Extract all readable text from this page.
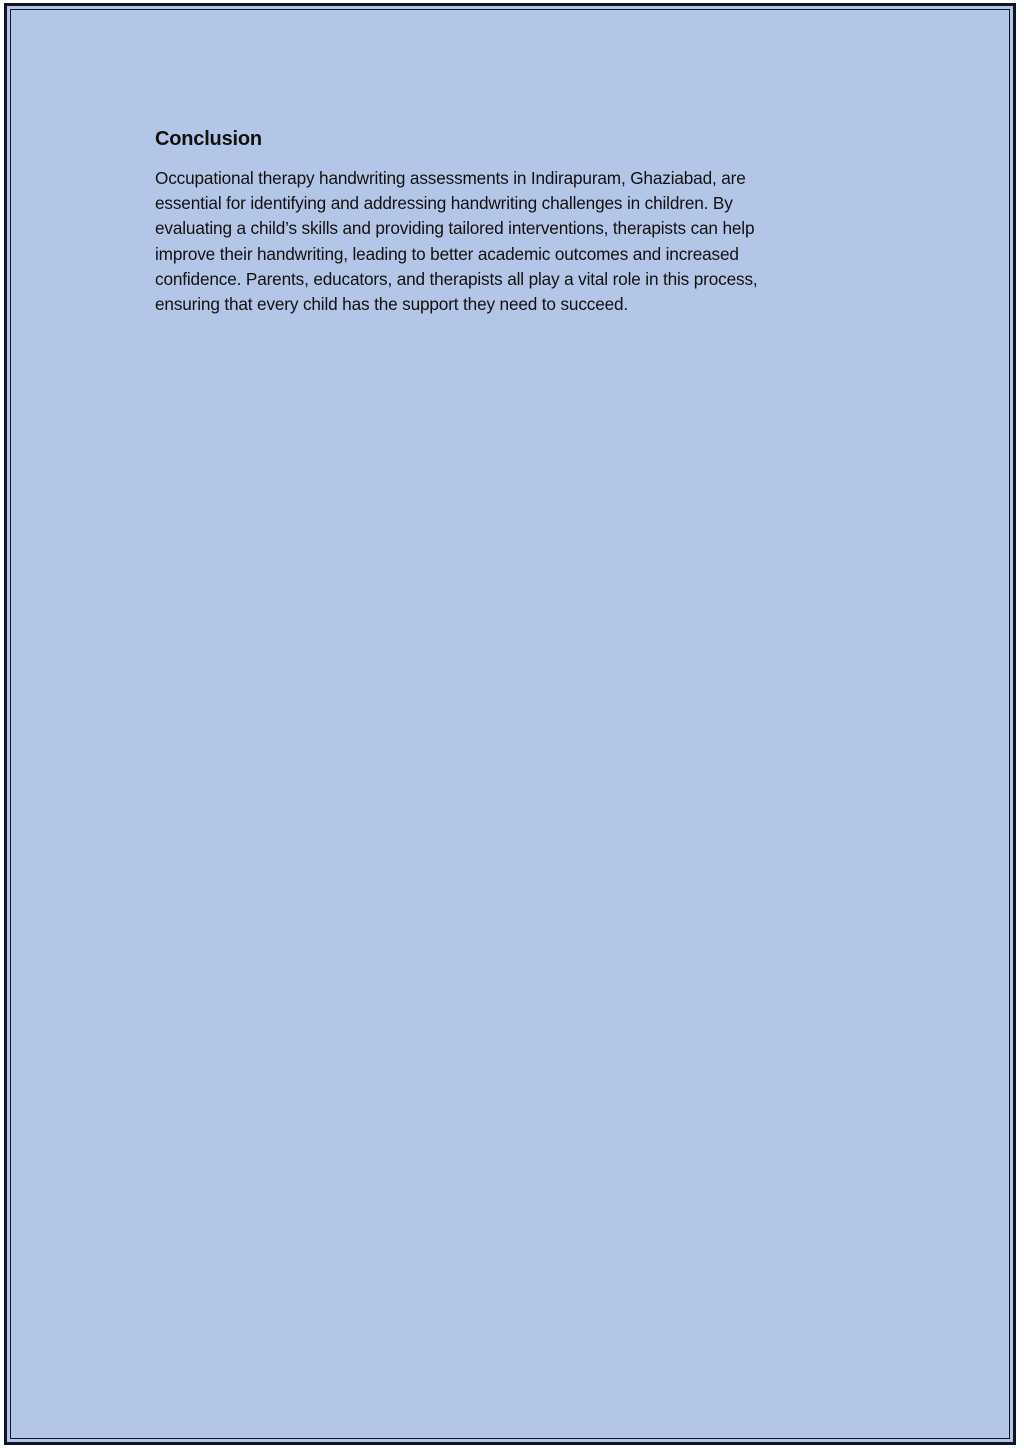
Conclusion

Occupational therapy handwriting assessments in Indirapuram, Ghaziabad, are
essential for identifying and addressing handwriting challenges in children. By
evaluating a child’s skills and providing tailored interventions, therapists can help
improve their handwriting, leading to better academic outcomes and increased
confidence. Parents, educators, and therapists all play a vital role in this process,
ensuring that every child has the support they need to succeed.
